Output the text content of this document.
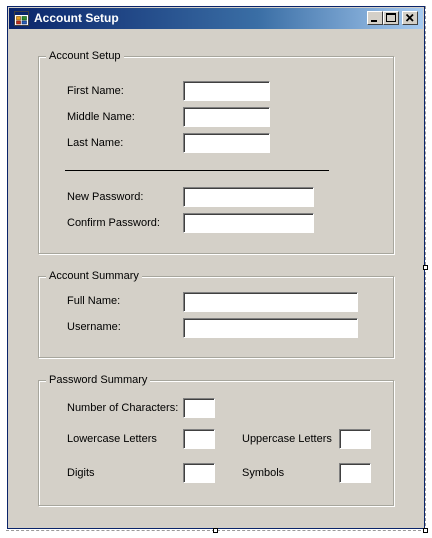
Account Setup
Account Setup
First Name:
Middle Name:
Last Name:
New Password:
Confirm Password:
Account Summary
Full Name:
Username:
Password Summary
Number of Characters:
Lowercase Letters	Uppercase Letters
Digits	Symbols
